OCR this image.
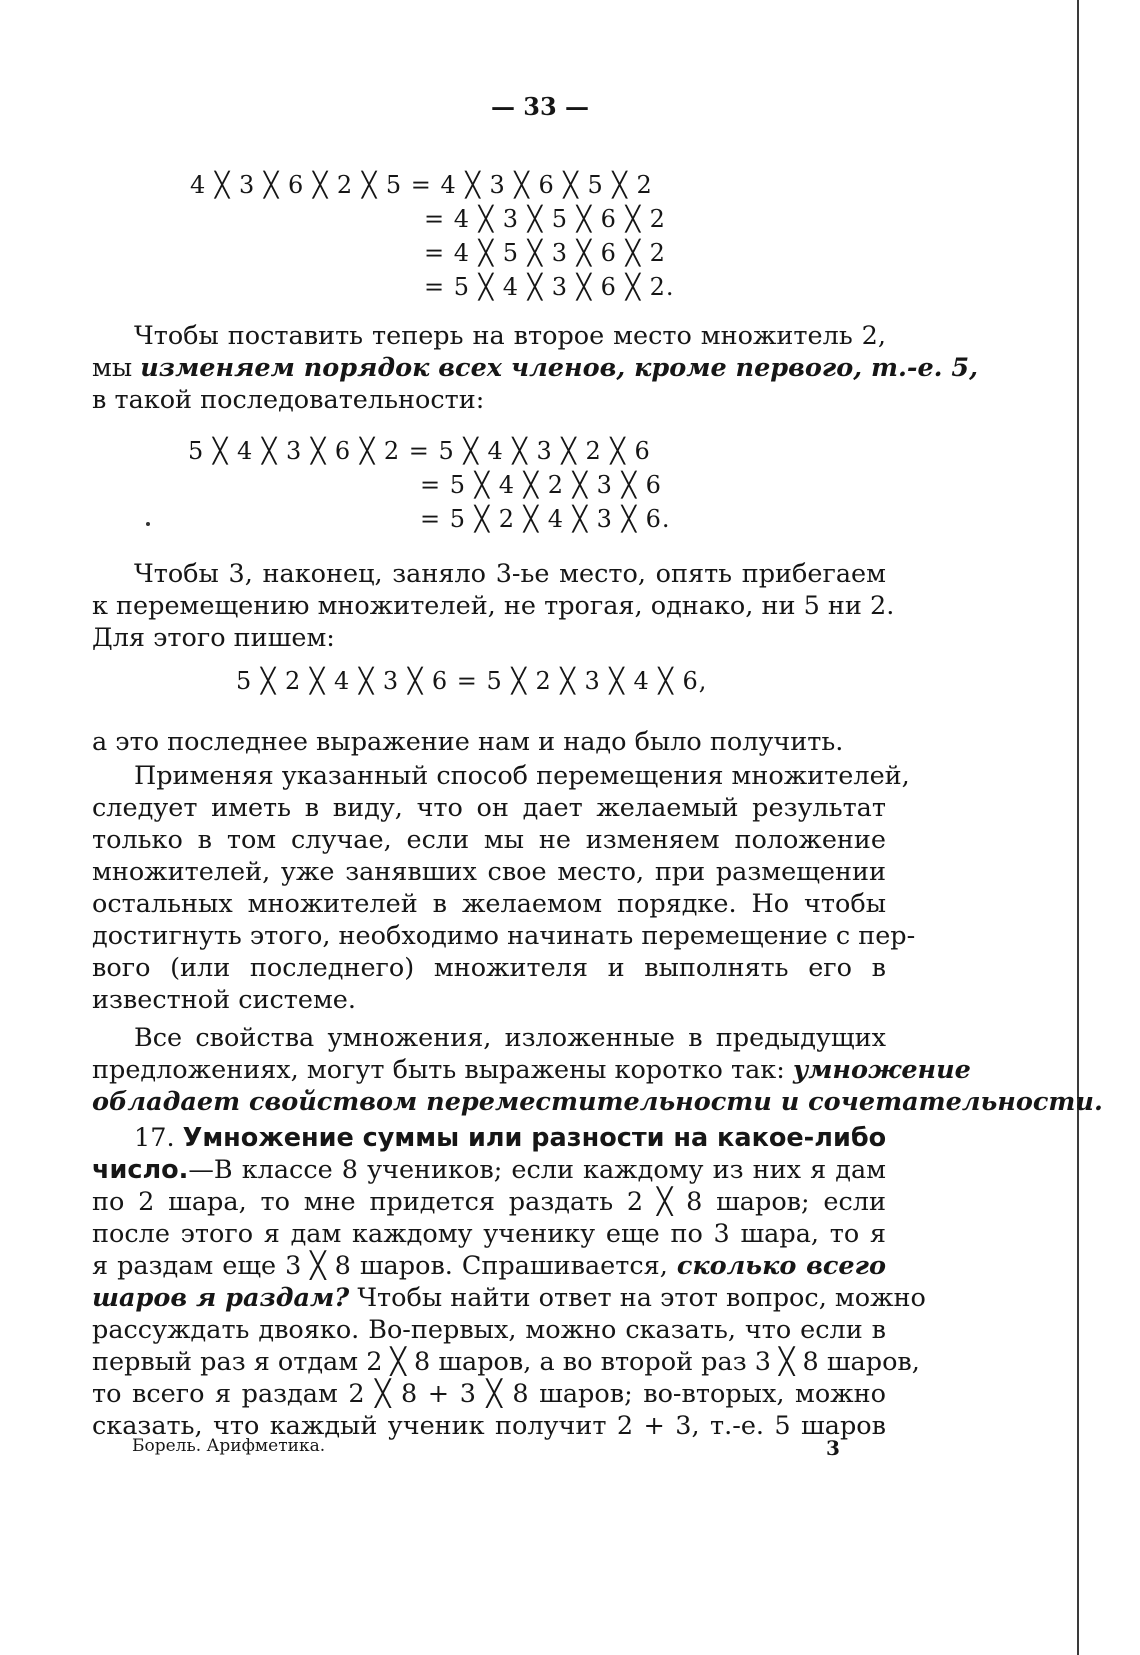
— 33 —
4 ╳ 3 ╳ 6 ╳ 2 ╳ 5 = 4 ╳ 3 ╳ 6 ╳ 5 ╳ 2
= 4 ╳ 3 ╳ 5 ╳ 6 ╳ 2
= 4 ╳ 5 ╳ 3 ╳ 6 ╳ 2
= 5 ╳ 4 ╳ 3 ╳ 6 ╳ 2.
Чтобы поставить теперь на второе место множитель 2,
мы изменяем порядок всех членов, кроме первого, т.-е. 5,
в такой последовательности:
5 ╳ 4 ╳ 3 ╳ 6 ╳ 2 = 5 ╳ 4 ╳ 3 ╳ 2 ╳ 6
= 5 ╳ 4 ╳ 2 ╳ 3 ╳ 6
= 5 ╳ 2 ╳ 4 ╳ 3 ╳ 6.
Чтобы 3, наконец, заняло 3-ье место, опять прибегаем
к перемещению множителей, не трогая, однако, ни 5 ни 2.
Для этого пишем:
5 ╳ 2 ╳ 4 ╳ 3 ╳ 6 = 5 ╳ 2 ╳ 3 ╳ 4 ╳ 6,
а это последнее выражение нам и надо было получить.
Применяя указанный способ перемещения множителей,
следует иметь в виду, что он дает желаемый результат
только в том случае, если мы не изменяем положение
множителей, уже занявших свое место, при размещении
остальных множителей в желаемом порядке. Но чтобы
достигнуть этого, необходимо начинать перемещение с пер-
вого (или последнего) множителя и выполнять его в
известной системе.
Все свойства умножения, изложенные в предыдущих
предложениях, могут быть выражены коротко так: умножение
обладает свойством переместительности и сочетательности.
17. Умножение суммы или разности на какое-либо
число.—В классе 8 учеников; если каждому из них я дам
по 2 шара, то мне придется раздать 2 ╳ 8 шаров; если
после этого я дам каждому ученику еще по 3 шара, то я
я раздам еще 3 ╳ 8 шаров. Спрашивается, сколько всего
шаров я раздам? Чтобы найти ответ на этот вопрос, можно
рассуждать двояко. Во-первых, можно сказать, что если в
первый раз я отдам 2 ╳ 8 шаров, а во второй раз 3 ╳ 8 шаров,
то всего я раздам 2 ╳ 8 + 3 ╳ 8 шаров; во-вторых, можно
сказать, что каждый ученик получит 2 + 3, т.-е. 5 шаров
Борель. Арифметика.	3
